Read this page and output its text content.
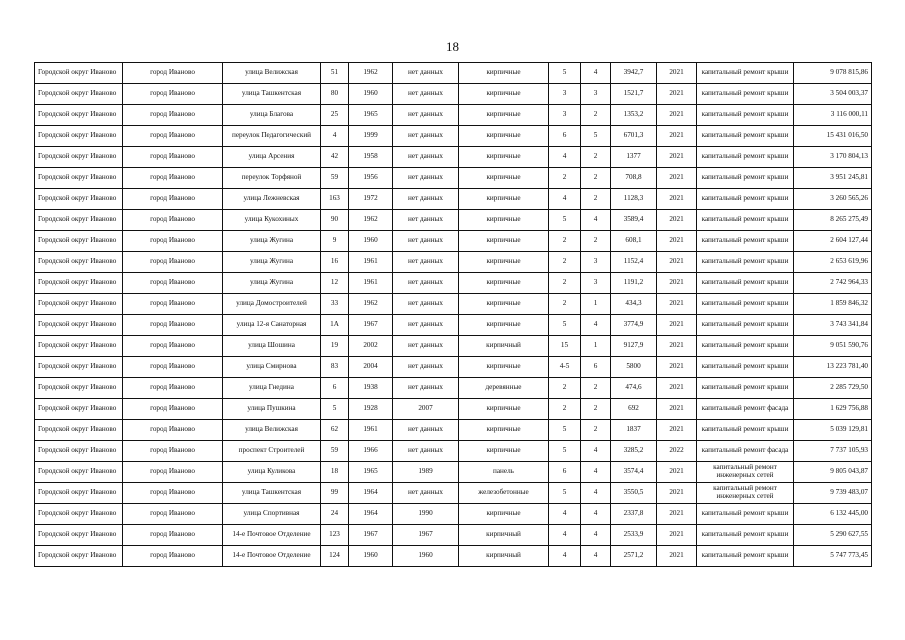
18
Городской округ Иваново	город Иваново	улица Велижская	51	1962	нет данных	кирпичные	5	4	3942,7	2021	капитальный ремонт крыши	9 078 815,86
Городской округ Иваново	город Иваново	улица Ташкентская	80	1960	нет данных	кирпичные	3	3	1521,7	2021	капитальный ремонт крыши	3 504 003,37
Городской округ Иваново	город Иваново	улица Благова	25	1965	нет данных	кирпичные	3	2	1353,2	2021	капитальный ремонт крыши	3 116 000,11
Городской округ Иваново	город Иваново	переулок Педагогический	4	1999	нет данных	кирпичные	6	5	6701,3	2021	капитальный ремонт крыши	15 431 016,50
Городской округ Иваново	город Иваново	улица Арсения	42	1958	нет данных	кирпичные	4	2	1377	2021	капитальный ремонт крыши	3 170 804,13
Городской округ Иваново	город Иваново	переулок Торфяной	59	1956	нет данных	кирпичные	2	2	708,8	2021	капитальный ремонт крыши	3 951 245,81
Городской округ Иваново	город Иваново	улица Лежневская	163	1972	нет данных	кирпичные	4	2	1128,3	2021	капитальный ремонт крыши	3 260 565,26
Городской округ Иваново	город Иваново	улица Кукохиных	90	1962	нет данных	кирпичные	5	4	3589,4	2021	капитальный ремонт крыши	8 265 275,49
Городской округ Иваново	город Иваново	улица Жугина	9	1960	нет данных	кирпичные	2	2	608,1	2021	капитальный ремонт крыши	2 604 127,44
Городской округ Иваново	город Иваново	улица Жугина	16	1961	нет данных	кирпичные	2	3	1152,4	2021	капитальный ремонт крыши	2 653 619,96
Городской округ Иваново	город Иваново	улица Жугина	12	1961	нет данных	кирпичные	2	3	1191,2	2021	капитальный ремонт крыши	2 742 964,33
Городской округ Иваново	город Иваново	улица Домостроителей	33	1962	нет данных	кирпичные	2	1	434,3	2021	капитальный ремонт крыши	1 859 846,32
Городской округ Иваново	город Иваново	улица 12-я Санаторная	1А	1967	нет данных	кирпичные	5	4	3774,9	2021	капитальный ремонт крыши	3 743 341,84
Городской округ Иваново	город Иваново	улица Шошина	19	2002	нет данных	кирпичный	15	1	9127,9	2021	капитальный ремонт крыши	9 051 590,76
Городской округ Иваново	город Иваново	улица Смирнова	83	2004	нет данных	кирпичные	4-5	6	5800	2021	капитальный ремонт крыши	13 223 781,40
Городской округ Иваново	город Иваново	улица Гнедина	6	1938	нет данных	деревянные	2	2	474,6	2021	капитальный ремонт крыши	2 285 729,50
Городской округ Иваново	город Иваново	улица Пушкина	5	1928	2007	кирпичные	2	2	692	2021	капитальный ремонт фасада	1 629 756,88
Городской округ Иваново	город Иваново	улица Велижская	62	1961	нет данных	кирпичные	5	2	1837	2021	капитальный ремонт крыши	5 039 129,81
Городской округ Иваново	город Иваново	проспект Строителей	59	1966	нет данных	кирпичные	5	4	3285,2	2022	капитальный ремонт фасада	7 737 105,93
Городской округ Иваново	город Иваново	улица Куликова	18	1965	1989	панель	6	4	3574,4	2021	капитальный ремонт инженерных сетей	9 805 043,87
Городской округ Иваново	город Иваново	улица Ташкентская	99	1964	нет данных	железобетонные	5	4	3550,5	2021	капитальный ремонт инженерных сетей	9 739 483,07
Городской округ Иваново	город Иваново	улица Спортивная	24	1964	1990	кирпичные	4	4	2337,8	2021	капитальный ремонт крыши	6 132 445,00
Городской округ Иваново	город Иваново	14-е Почтовое Отделение	123	1967	1967	кирпичный	4	4	2533,9	2021	капитальный ремонт крыши	5 290 627,55
Городской округ Иваново	город Иваново	14-е Почтовое Отделение	124	1960	1960	кирпичный	4	4	2571,2	2021	капитальный ремонт крыши	5 747 773,45
